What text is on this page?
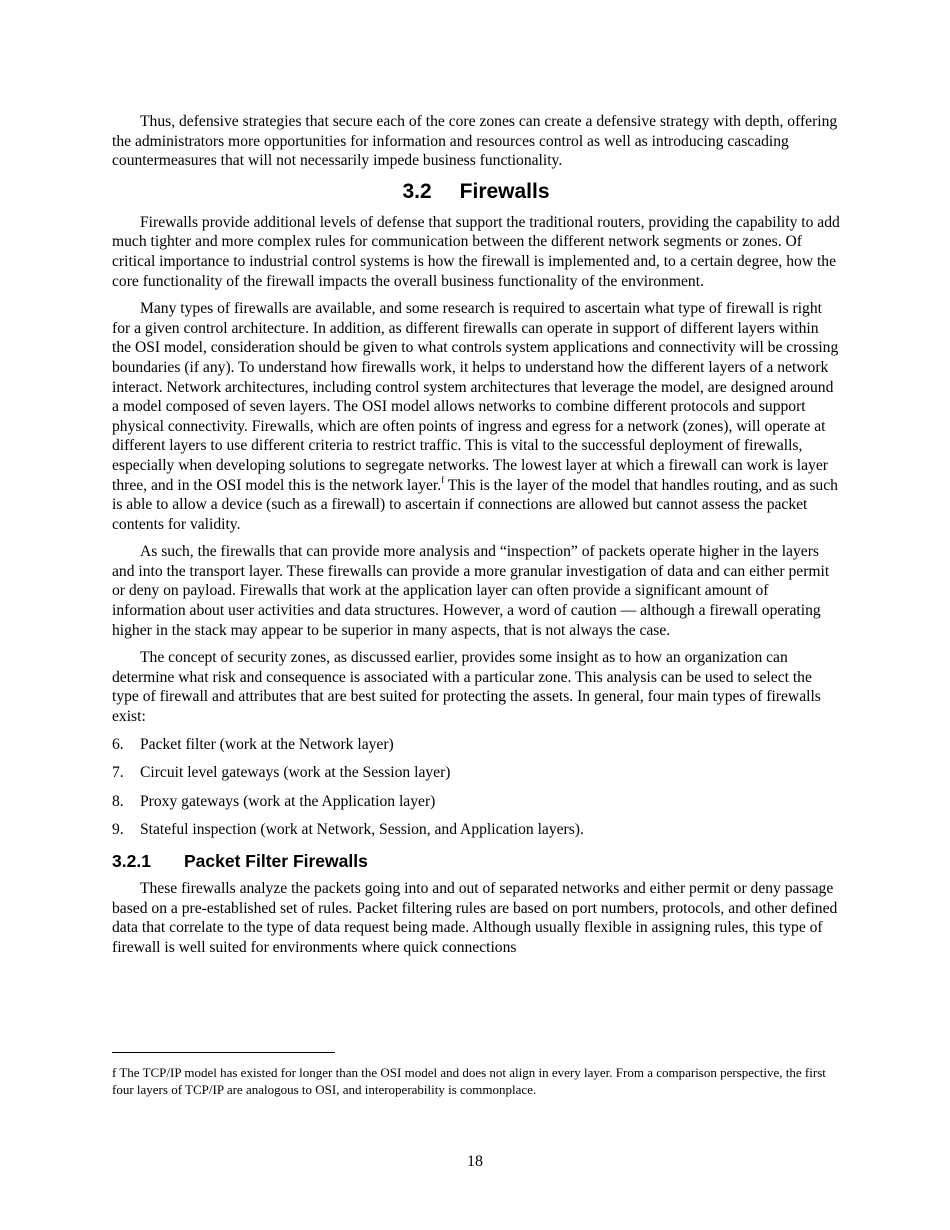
Thus, defensive strategies that secure each of the core zones can create a defensive strategy with depth, offering the administrators more opportunities for information and resources control as well as introducing cascading countermeasures that will not necessarily impede business functionality.

3.2 Firewalls

Firewalls provide additional levels of defense that support the traditional routers, providing the capability to add much tighter and more complex rules for communication between the different network segments or zones. Of critical importance to industrial control systems is how the firewall is implemented and, to a certain degree, how the core functionality of the firewall impacts the overall business functionality of the environment.

Many types of firewalls are available, and some research is required to ascertain what type of firewall is right for a given control architecture. In addition, as different firewalls can operate in support of different layers within the OSI model, consideration should be given to what controls system applications and connectivity will be crossing boundaries (if any). To understand how firewalls work, it helps to understand how the different layers of a network interact. Network architectures, including control system architectures that leverage the model, are designed around a model composed of seven layers. The OSI model allows networks to combine different protocols and support physical connectivity. Firewalls, which are often points of ingress and egress for a network (zones), will operate at different layers to use different criteria to restrict traffic. This is vital to the successful deployment of firewalls, especially when developing solutions to segregate networks. The lowest layer at which a firewall can work is layer three, and in the OSI model this is the network layer.$^f$ This is the layer of the model that handles routing, and as such is able to allow a device (such as a firewall) to ascertain if connections are allowed but cannot assess the packet contents for validity.

As such, the firewalls that can provide more analysis and “inspection” of packets operate higher in the layers and into the transport layer. These firewalls can provide a more granular investigation of data and can either permit or deny on payload. Firewalls that work at the application layer can often provide a significant amount of information about user activities and data structures. However, a word of caution — although a firewall operating higher in the stack may appear to be superior in many aspects, that is not always the case.

The concept of security zones, as discussed earlier, provides some insight as to how an organization can determine what risk and consequence is associated with a particular zone. This analysis can be used to select the type of firewall and attributes that are best suited for protecting the assets. In general, four main types of firewalls exist:

6.	Packet filter (work at the Network layer)
7.	Circuit level gateways (work at the Session layer)
8.	Proxy gateways (work at the Application layer)
9.	Stateful inspection (work at Network, Session, and Application layers).
3.2.1 Packet Filter Firewalls

These firewalls analyze the packets going into and out of separated networks and either permit or deny passage based on a pre-established set of rules. Packet filtering rules are based on port numbers, protocols, and other defined data that correlate to the type of data request being made. Although usually flexible in assigning rules, this type of firewall is well suited for environments where quick connections

f The TCP/IP model has existed for longer than the OSI model and does not align in every layer. From a comparison perspective, the first four layers of TCP/IP are analogous to OSI, and interoperability is commonplace.
18
